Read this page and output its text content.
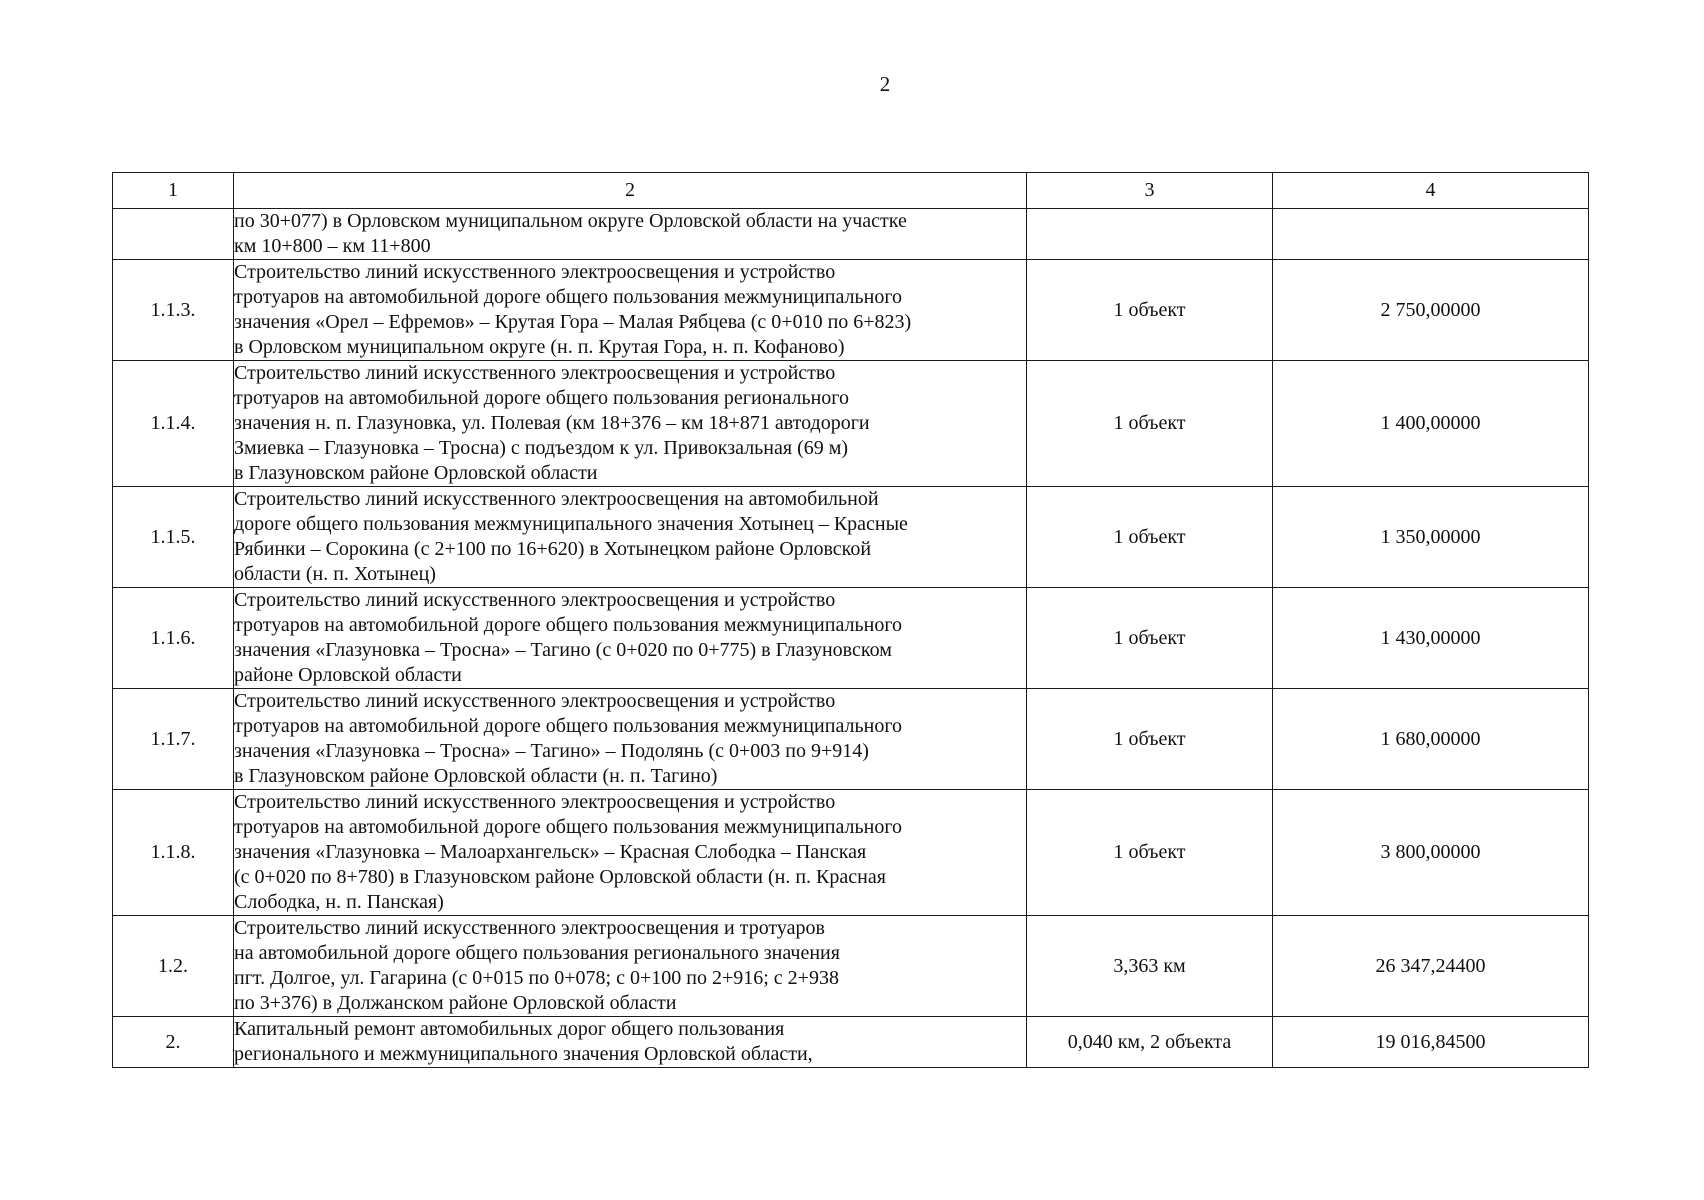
2
1	2	3	4

	по 30+077) в Орловском муниципальном округе Орловской области на участке
км 10+800 – км 11+800		

1.1.3.	Строительство линий искусственного электроосвещения и устройство
тротуаров на автомобильной дороге общего пользования межмуниципального
значения «Орел – Ефремов» – Крутая Гора – Малая Рябцева (с 0+010 по 6+823)
в Орловском муниципальном округе (н. п. Крутая Гора, н. п. Кофаново)	1 объект	2 750,00000
1.1.4.	Строительство линий искусственного электроосвещения и устройство
тротуаров на автомобильной дороге общего пользования регионального
значения н. п. Глазуновка, ул. Полевая (км 18+376 – км 18+871 автодороги
Змиевка – Глазуновка – Тросна) с подъездом к ул. Привокзальная (69 м)
в Глазуновском районе Орловской области	1 объект	1 400,00000
1.1.5.	Строительство линий искусственного электроосвещения на автомобильной
дороге общего пользования межмуниципального значения Хотынец – Красные
Рябинки – Сорокина (с 2+100 по 16+620) в Хотынецком районе Орловской
области (н. п. Хотынец)	1 объект	1 350,00000
1.1.6.	Строительство линий искусственного электроосвещения и устройство
тротуаров на автомобильной дороге общего пользования межмуниципального
значения «Глазуновка – Тросна» – Тагино (с 0+020 по 0+775) в Глазуновском
районе Орловской области	1 объект	1 430,00000
1.1.7.	Строительство линий искусственного электроосвещения и устройство
тротуаров на автомобильной дороге общего пользования межмуниципального
значения «Глазуновка – Тросна» – Тагино» – Подолянь (с 0+003 по 9+914)
в Глазуновском районе Орловской области (н. п. Тагино)	1 объект	1 680,00000
1.1.8.	Строительство линий искусственного электроосвещения и устройство
тротуаров на автомобильной дороге общего пользования межмуниципального
значения «Глазуновка – Малоархангельск» – Красная Слободка – Панская
(с 0+020 по 8+780) в Глазуновском районе Орловской области (н. п. Красная
Слободка, н. п. Панская)	1 объект	3 800,00000
1.2.	Строительство линий искусственного электроосвещения и тротуаров
на автомобильной дороге общего пользования регионального значения
пгт. Долгое, ул. Гагарина (с 0+015 по 0+078; с 0+100 по 2+916; с 2+938
по 3+376) в Должанском районе Орловской области	3,363 км	26 347,24400
2.	Капитальный ремонт автомобильных дорог общего пользования
регионального и межмуниципального значения Орловской области,	0,040 км, 2 объекта	19 016,84500
